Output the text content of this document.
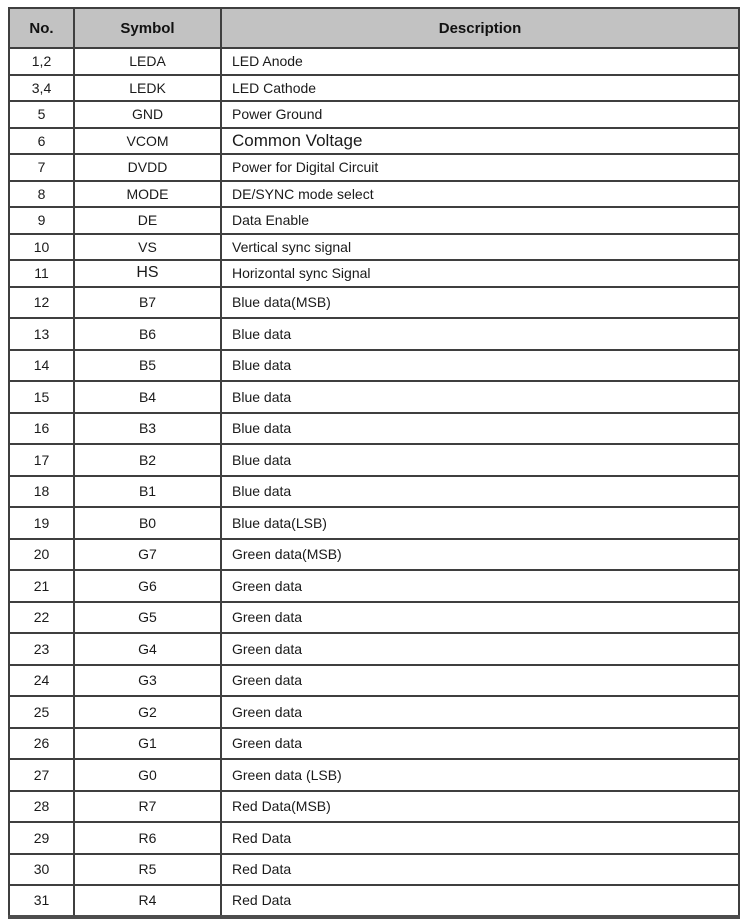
No.	Symbol	Description
1,2	LEDA	LED Anode
3,4	LEDK	LED Cathode
5	GND	Power Ground
6	VCOM	Common Voltage
7	DVDD	Power for Digital Circuit
8	MODE	DE/SYNC mode select
9	DE	Data Enable
10	VS	Vertical sync signal
11	HS	Horizontal sync Signal
12	B7	Blue data(MSB)
13	B6	Blue data
14	B5	Blue data
15	B4	Blue data
16	B3	Blue data
17	B2	Blue data
18	B1	Blue data
19	B0	Blue data(LSB)
20	G7	Green data(MSB)
21	G6	Green data
22	G5	Green data
23	G4	Green data
24	G3	Green data
25	G2	Green data
26	G1	Green data
27	G0	Green data (LSB)
28	R7	Red Data(MSB)
29	R6	Red Data
30	R5	Red Data
31	R4	Red Data
